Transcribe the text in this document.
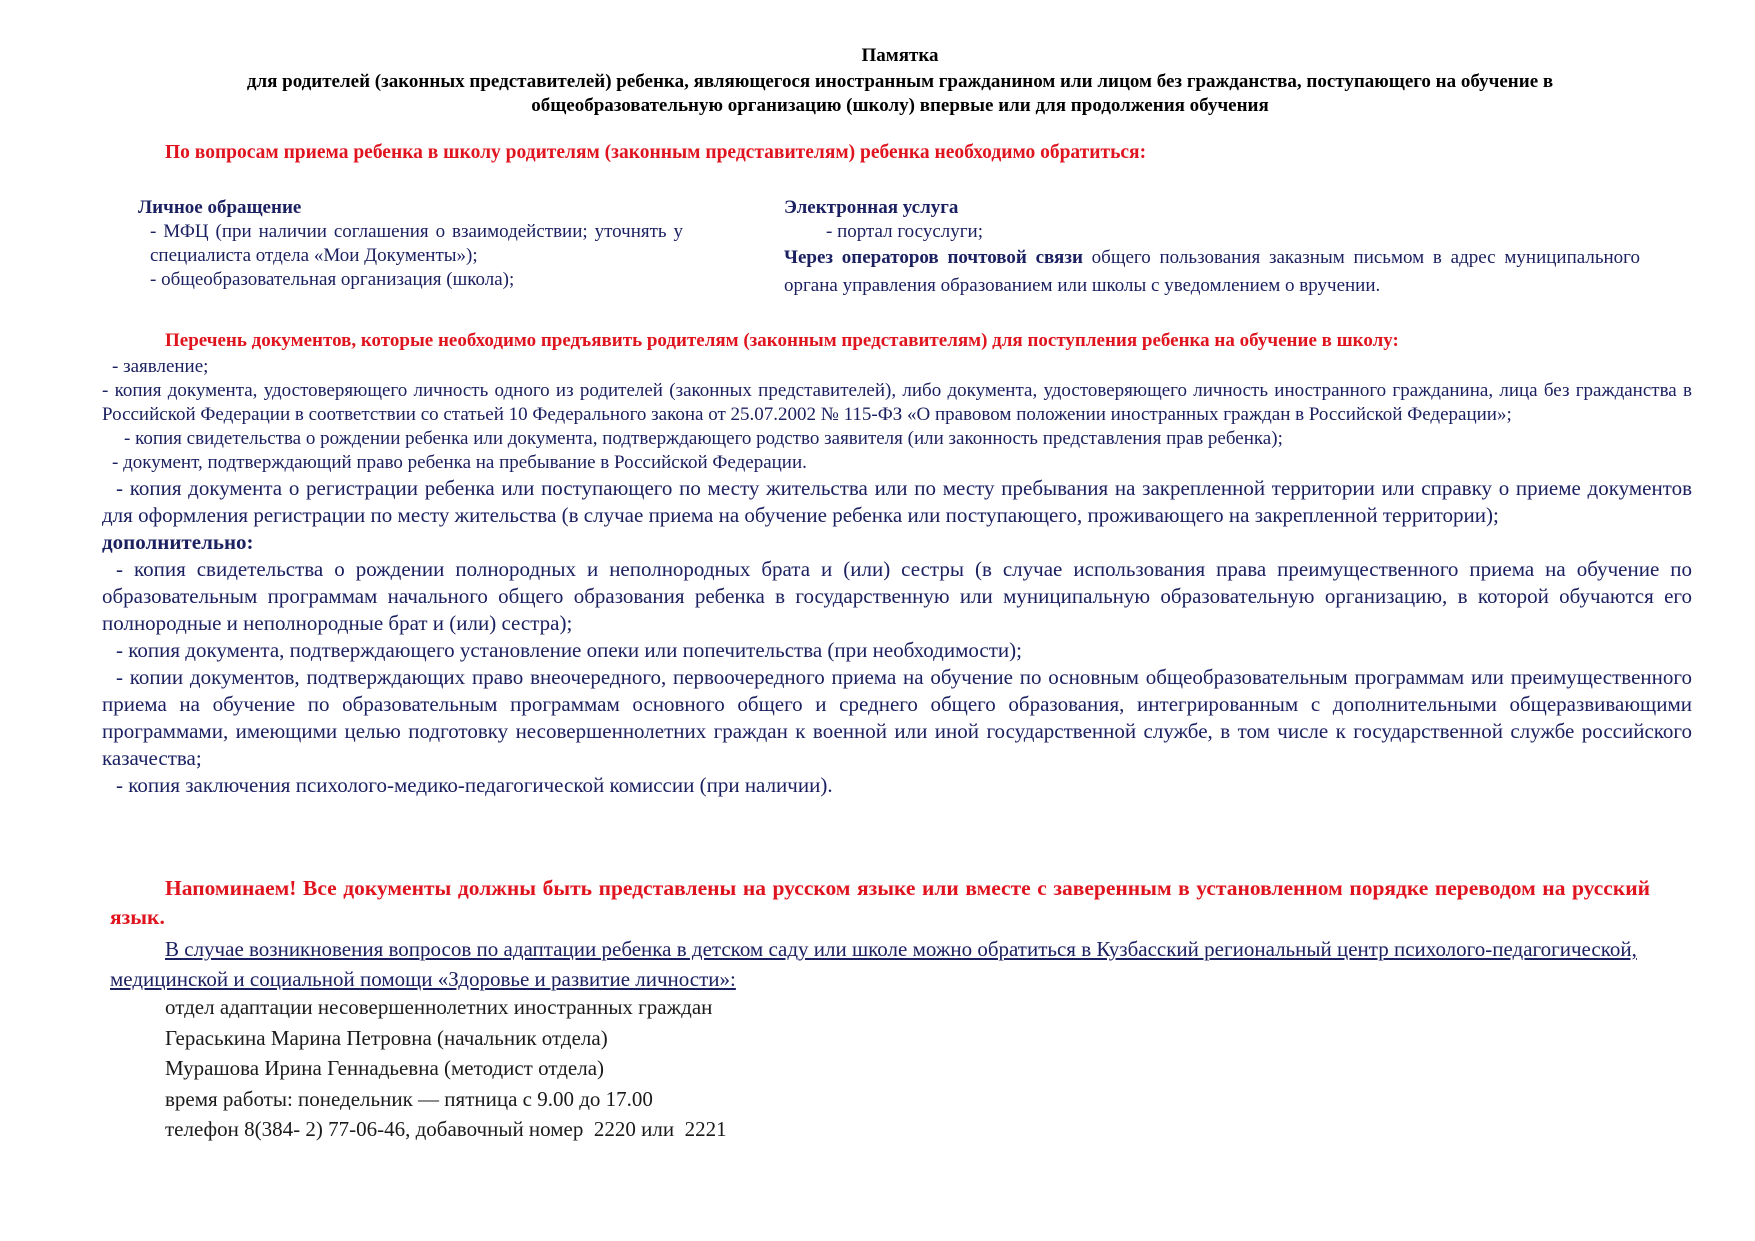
Памятка
для родителей (законных представителей) ребенка, являющегося иностранным гражданином или лицом без гражданства, поступающего на обучение в
общеобразовательную организацию (школу) впервые или для продолжения обучения
По вопросам приема ребенка в школу родителям (законным представителям) ребенка необходимо обратиться:
Личное обращение
- МФЦ (при наличии соглашения о взаимодействии; уточнять у специалиста отдела «Мои Документы»);
- общеобразовательная организация (школа);
Электронная услуга
- портал госуслуги;
Через операторов почтовой связи общего пользования заказным письмом в адрес муниципального органа управления образованием или школы с уведомлением о вручении.
Перечень документов, которые необходимо предъявить родителям (законным представителям) для поступления ребенка на обучение в школу:

- заявление;

- копия документа, удостоверяющего личность одного из родителей (законных представителей), либо документа, удостоверяющего личность иностранного гражданина, лица без гражданства в Российской Федерации в соответствии со статьей 10 Федерального закона от 25.07.2002 № 115-ФЗ «О правовом положении иностранных граждан в Российской Федерации»;

- копия свидетельства о рождении ребенка или документа, подтверждающего родство заявителя (или законность представления прав ребенка);

- документ, подтверждающий право ребенка на пребывание в Российской Федерации.

- копия документа о регистрации ребенка или поступающего по месту жительства или по месту пребывания на закрепленной территории или справку о приеме документов для оформления регистрации по месту жительства (в случае приема на обучение ребенка или поступающего, проживающего на закрепленной территории);

дополнительно:

- копия свидетельства о рождении полнородных и неполнородных брата и (или) сестры (в случае использования права преимущественного приема на обучение по образовательным программам начального общего образования ребенка в государственную или муниципальную образовательную организацию, в которой обучаются его полнородные и неполнородные брат и (или) сестра);

- копия документа, подтверждающего установление опеки или попечительства (при необходимости);

- копии документов, подтверждающих право внеочередного, первоочередного приема на обучение по основным общеобразовательным программам или преимущественного приема на обучение по образовательным программам основного общего и среднего общего образования, интегрированным с дополнительными общеразвивающими программами, имеющими целью подготовку несовершеннолетних граждан к военной или иной государственной службе, в том числе к государственной службе российского казачества;

- копия заключения психолого-медико-педагогической комиссии (при наличии).

Напоминаем! Все документы должны быть представлены на русском языке или вместе с заверенным в установленном порядке переводом на русский язык.
В случае возникновения вопросов по адаптации ребенка в детском саду или школе можно обратиться в Кузбасский региональный центр психолого-педагогической, медицинской и социальной помощи «Здоровье и развитие личности»:
отдел адаптации несовершеннолетних иностранных граждан
Гераськина Марина Петровна (начальник отдела)
Мурашова Ирина Геннадьевна (методист отдела)
время работы: понедельник — пятница с 9.00 до 17.00
телефон 8(384- 2) 77-06-46, добавочный номер  2220 или  2221
